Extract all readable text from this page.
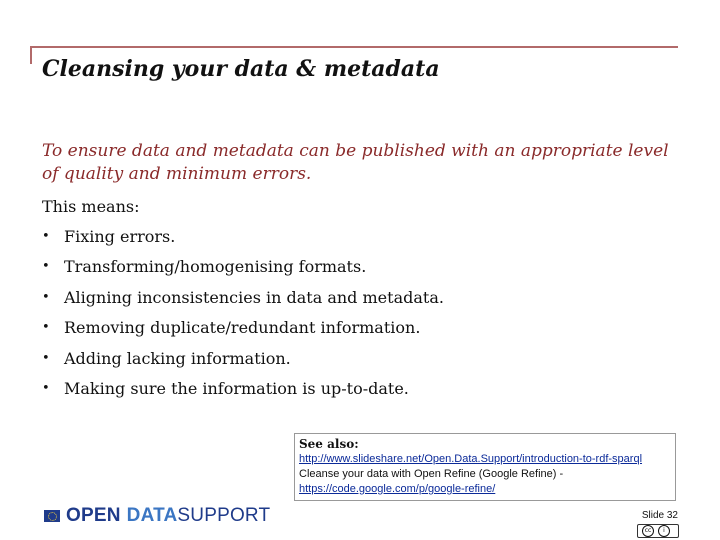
Cleansing your data & metadata
To ensure data and metadata can be published with an appropriate level of quality and minimum errors.
This means:
• Fixing errors.
• Transforming/homogenising formats.
• Aligning inconsistencies in data and metadata.
• Removing duplicate/redundant information.
• Adding lacking information.
• Making sure the information is up-to-date.
See also:
http://www.slideshare.net/Open.Data.Support/introduction-to-rdf-sparql
Cleanse your data with Open Refine (Google Refine) -
https://code.google.com/p/google-refine/
OPEN DATA SUPPORT	Slide 32
cc	i
